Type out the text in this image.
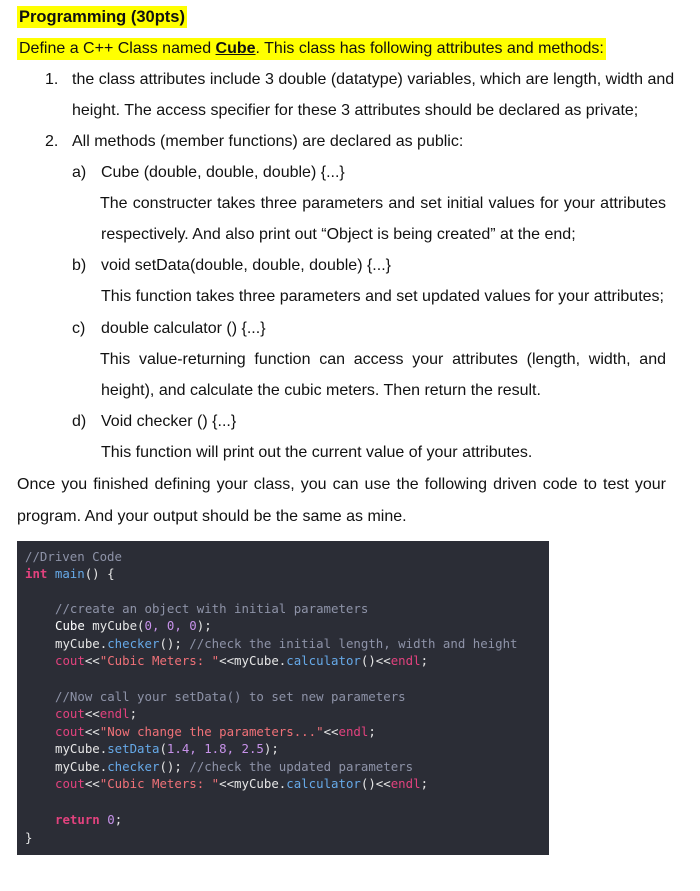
Programming (30pts)
Define a C++ Class named Cube. This class has following attributes and methods:
1. the class attributes include 3 double (datatype) variables, which are length, width and
height. The access specifier for these 3 attributes should be declared as private;
2. All methods (member functions) are declared as public:
a) Cube (double, double, double) {...}
The constructer takes three parameters and set initial values for your attributes
respectively. And also print out “Object is being created” at the end;
b) void setData(double, double, double) {...}
This function takes three parameters and set updated values for your attributes;
c) double calculator () {...}
This value-returning function can access your attributes (length, width, and
height), and calculate the cubic meters. Then return the result.
d) Void checker () {...}
This function will print out the current value of your attributes.
Once you finished defining your class, you can use the following driven code to test your
program. And your output should be the same as mine.
//Driven Code
int main() {
//create an object with initial parameters
Cube myCube(0, 0, 0);
myCube.checker(); //check the initial length, width and height
cout<<"Cubic Meters: "<<myCube.calculator()<<endl;
//Now call your setData() to set new parameters
cout<<endl;
cout<<"Now change the parameters..."<<endl;
myCube.setData(1.4, 1.8, 2.5);
myCube.checker(); //check the updated parameters
cout<<"Cubic Meters: "<<myCube.calculator()<<endl;
return 0;
}
